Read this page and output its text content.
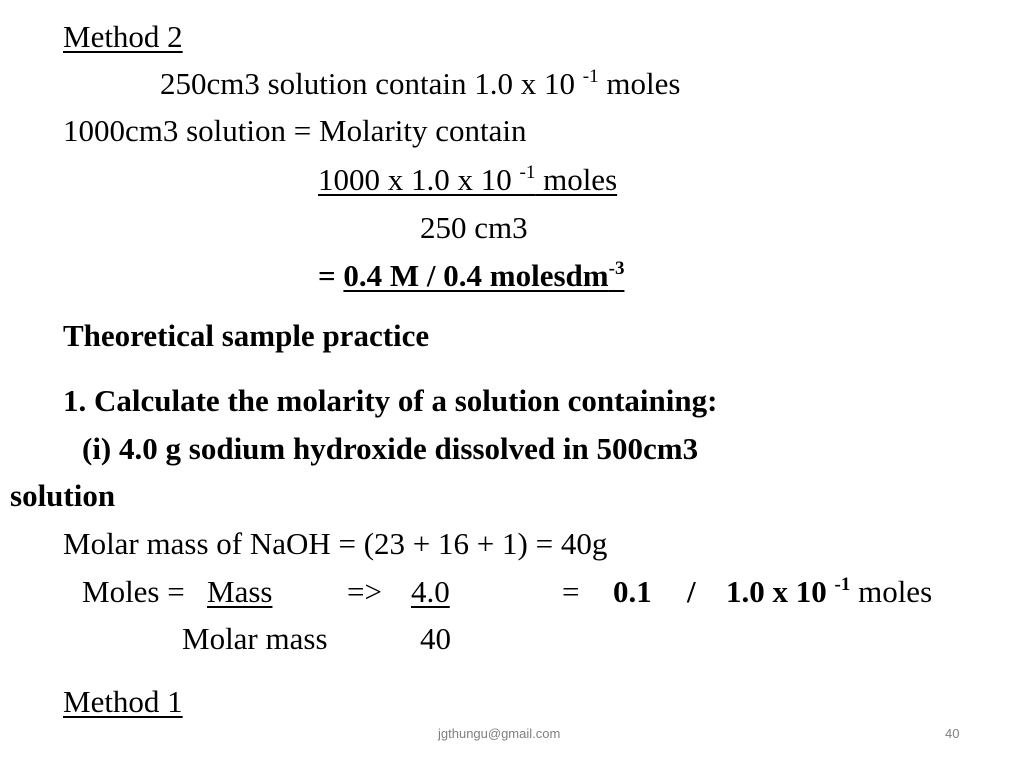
Method 2
250cm3 solution contain 1.0 x 10 $^{-1}$ moles
1000cm3 solution = Molarity contain
1000 x 1.0 x 10 $^{-1}$ moles
250 cm3
= 0.4 M / 0.4 molesdm$^{-3}$
Theoretical sample practice
1. Calculate the molarity of a solution containing:
(i) 4.0 g sodium hydroxide dissolved in 500cm3
solution
Molar mass of NaOH = (23 + 16 + 1) = 40g
Moles = Mass => 4.0	= 0.1 / 1.0 x 10 $^{-1}$ moles
Molar mass	40
Method 1
jgthungu@gmail.com	40
